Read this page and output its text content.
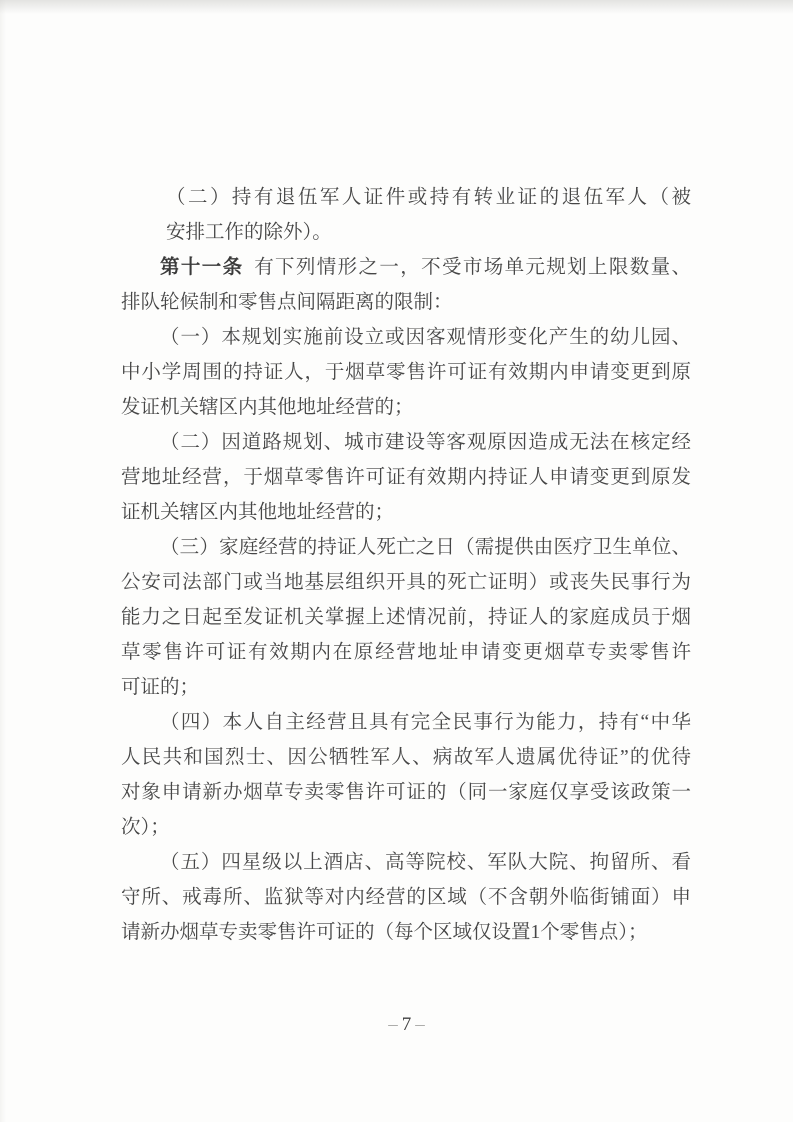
（二）持有退伍军人证件或持有转业证的退伍军人（被
安排工作的除外）。
第十一条 有下列情形之一，不受市场单元规划上限数量、
排队轮候制和零售点间隔距离的限制：
（一）本规划实施前设立或因客观情形变化产生的幼儿园、
中小学周围的持证人，于烟草零售许可证有效期内申请变更到原
发证机关辖区内其他地址经营的；
（二）因道路规划、城市建设等客观原因造成无法在核定经
营地址经营，于烟草零售许可证有效期内持证人申请变更到原发
证机关辖区内其他地址经营的；
（三）家庭经营的持证人死亡之日（需提供由医疗卫生单位、
公安司法部门或当地基层组织开具的死亡证明）或丧失民事行为
能力之日起至发证机关掌握上述情况前，持证人的家庭成员于烟
草零售许可证有效期内在原经营地址申请变更烟草专卖零售许
可证的；
（四）本人自主经营且具有完全民事行为能力，持有“中华
人民共和国烈士、因公牺牲军人、病故军人遗属优待证”的优待
对象申请新办烟草专卖零售许可证的（同一家庭仅享受该政策一
次）；
（五）四星级以上酒店、高等院校、军队大院、拘留所、看
守所、戒毒所、监狱等对内经营的区域（不含朝外临街铺面）申
请新办烟草专卖零售许可证的（每个区域仅设置1个零售点）；
– 7 –
